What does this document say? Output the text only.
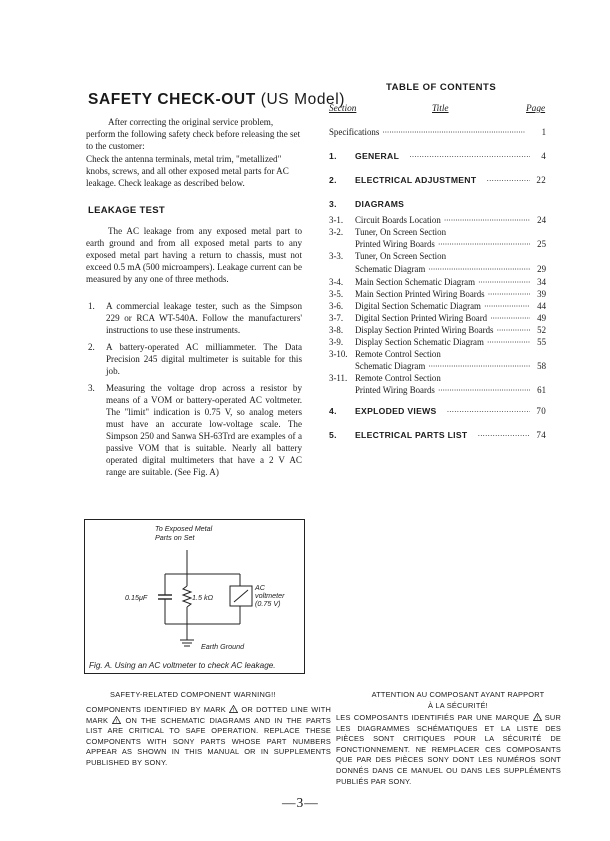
SAFETY CHECK-OUT (US Model)

After correcting the original service problem, perform the following safety check before releasing the set to the customer:

Check the antenna terminals, metal trim, "metallized" knobs, screws, and all other exposed metal parts for AC leakage. Check leakage as described below.

LEAKAGE TEST
The AC leakage from any exposed metal part to earth ground and from all exposed metal parts to any exposed metal part having a return to chassis, must not exceed 0.5 mA (500 microampers). Leakage current can be measured by any one of three methods.
1. A commercial leakage tester, such as the Simpson 229 or RCA WT-540A. Follow the manufacturers' instructions to use these instruments.
2. A battery-operated AC milliammeter. The Data Precision 245 digital multimeter is suitable for this job.
3. Measuring the voltage drop across a resistor by means of a VOM or battery-operated AC voltmeter. The "limit" indication is 0.75 V, so analog meters must have an accurate low-voltage scale. The Simpson 250 and Sanwa SH-63Trd are examples of a passive VOM that is suitable. Nearly all battery operated digital multimeters that have a 2 V AC range are suitable. (See Fig. A)
To Exposed Metal
Parts on Set
0.15μF	1.5 kΩ
AC
voltmeter
(0.75 V)
Earth Ground
Fig. A. Using an AC voltmeter to check AC leakage.
SAFETY-RELATED COMPONENT WARNING!!
COMPONENTS IDENTIFIED BY MARK ! OR DOTTED LINE WITH MARK ! ON THE SCHEMATIC DIAGRAMS AND IN THE PARTS LIST ARE CRITICAL TO SAFE OPERATION. REPLACE THESE COMPONENTS WITH SONY PARTS WHOSE PART NUMBERS APPEAR AS SHOWN IN THIS MANUAL OR IN SUPPLEMENTS PUBLISHED BY SONY.
ATTENTION AU COMPOSANT AYANT RAPPORT
À LA SÉCURITÉ!
LES COMPOSANTS IDENTIFIÉS PAR UNE MARQUE ! SUR LES DIAGRAMMES SCHÉMATIQUES ET LA LISTE DES PIÈCES SONT CRITIQUES POUR LA SÉCURITÉ DE FONCTIONNEMENT. NE REMPLACER CES COMPOSANTS QUE PAR DES PIÈCES SONY DONT LES NUMÉROS SONT DONNÉS DANS CE MANUEL OU DANS LES SUPPLÉMENTS PUBLIÉS PAR SONY.
—3—
TABLE OF CONTENTS
Section	Title	Page
Specifications · · ·	1
1. GENERAL · · ·	4
2. ELECTRICAL ADJUSTMENT · · ·	22
3. DIAGRAMS
3-1. Circuit Boards Location · · ·	24
3-2. Tuner, On Screen Section
Printed Wiring Boards · · ·	25
3-3. Tuner, On Screen Section
Schematic Diagram · · ·	29
3-4. Main Section Schematic Diagram · · ·	34
3-5. Main Section Printed Wiring Boards · · ·	39
3-6. Digital Section Schematic Diagram · · ·	44
3-7. Digital Section Printed Wiring Board · · ·	49
3-8. Display Section Printed Wiring Boards · · ·	52
3-9. Display Section Schematic Diagram · · ·	55
3-10. Remote Control Section
Schematic Diagram · · ·	58
3-11. Remote Control Section
Printed Wiring Boards · · ·	61
4. EXPLODED VIEWS · · ·	70
5. ELECTRICAL PARTS LIST · · ·	74
